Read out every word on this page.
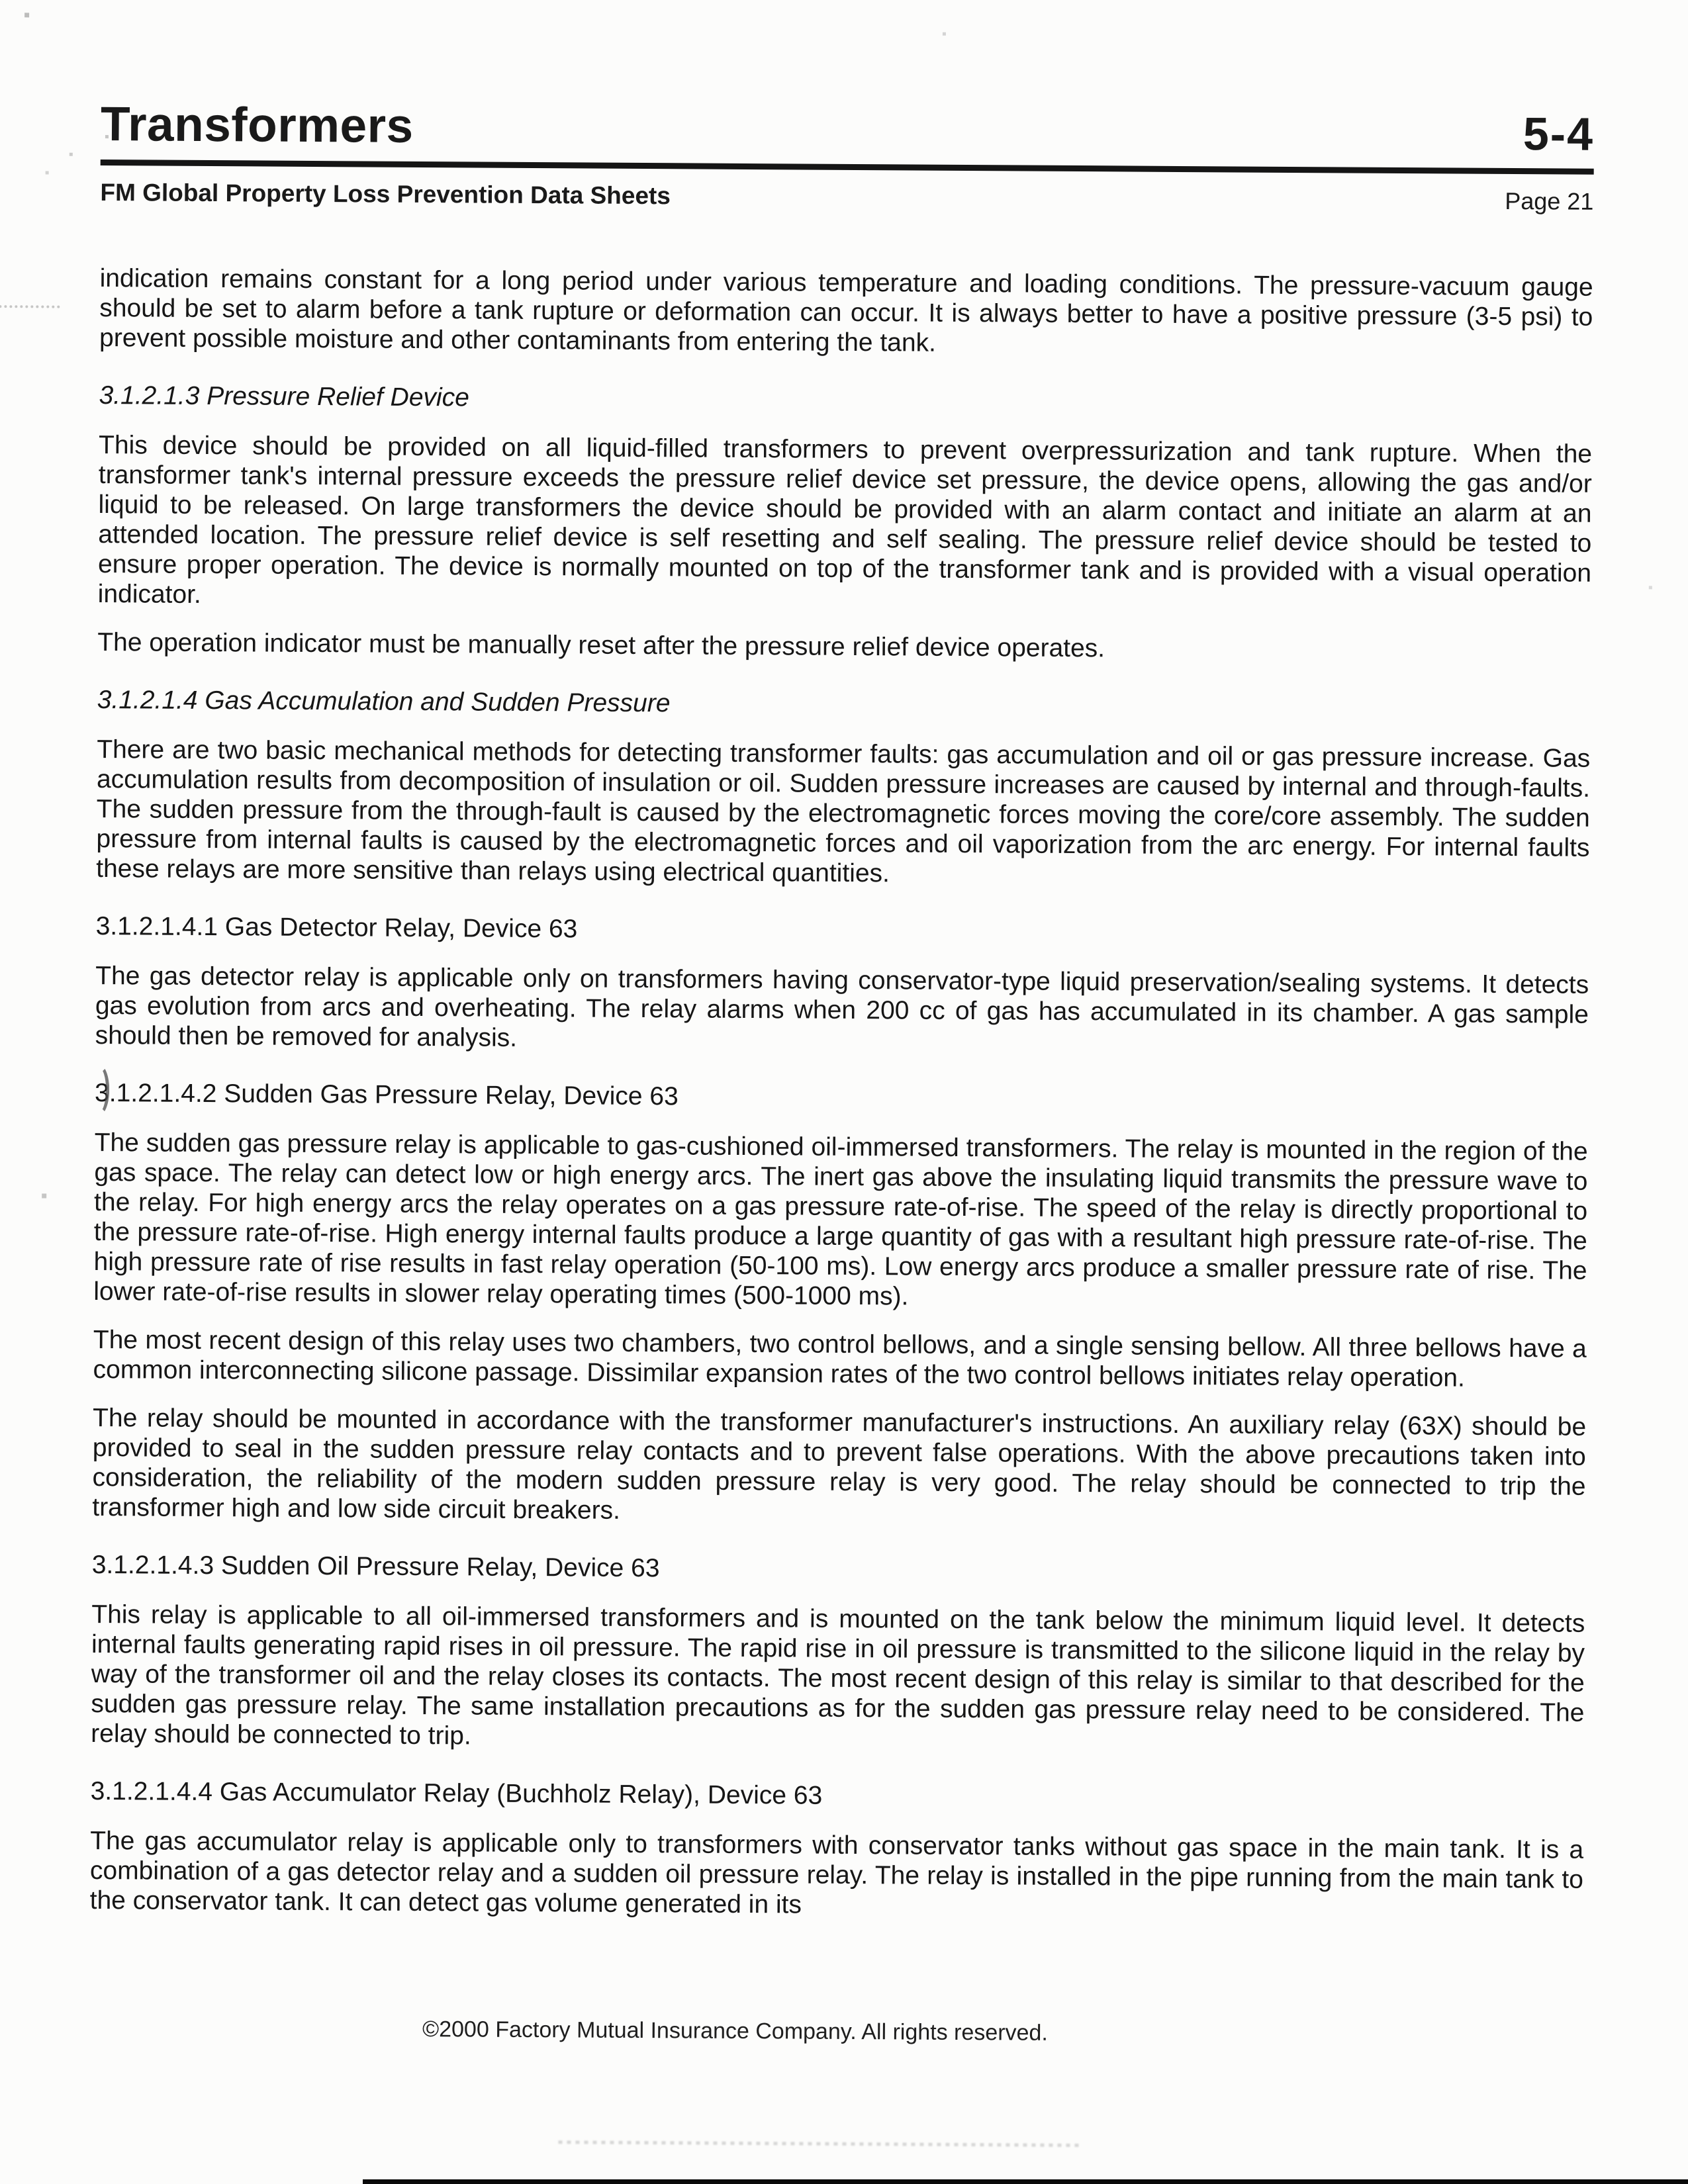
Transformers	5-4
FM Global Property Loss Prevention Data Sheets	Page 21

indication remains constant for a long period under various temperature and loading conditions. The pressure-vacuum gauge should be set to alarm before a tank rupture or deformation can occur. It is always better to have a positive pressure (3-5 psi) to prevent possible moisture and other contaminants from entering the tank.

3.1.2.1.3 Pressure Relief Device

This device should be provided on all liquid-filled transformers to prevent overpressurization and tank rupture. When the transformer tank's internal pressure exceeds the pressure relief device set pressure, the device opens, allowing the gas and/or liquid to be released. On large transformers the device should be provided with an alarm contact and initiate an alarm at an attended location. The pressure relief device is self resetting and self sealing. The pressure relief device should be tested to ensure proper operation. The device is normally mounted on top of the transformer tank and is provided with a visual operation indicator.

The operation indicator must be manually reset after the pressure relief device operates.

3.1.2.1.4 Gas Accumulation and Sudden Pressure

There are two basic mechanical methods for detecting transformer faults: gas accumulation and oil or gas pressure increase. Gas accumulation results from decomposition of insulation or oil. Sudden pressure increases are caused by internal and through-faults. The sudden pressure from the through-fault is caused by the electromagnetic forces moving the core/core assembly. The sudden pressure from internal faults is caused by the electromagnetic forces and oil vaporization from the arc energy. For internal faults these relays are more sensitive than relays using electrical quantities.

3.1.2.1.4.1 Gas Detector Relay, Device 63

The gas detector relay is applicable only on transformers having conservator-type liquid preservation/sealing systems. It detects gas evolution from arcs and overheating. The relay alarms when 200 cc of gas has accumulated in its chamber. A gas sample should then be removed for analysis.

3.1.2.1.4.2 Sudden Gas Pressure Relay, Device 63

The sudden gas pressure relay is applicable to gas-cushioned oil-immersed transformers. The relay is mounted in the region of the gas space. The relay can detect low or high energy arcs. The inert gas above the insulating liquid transmits the pressure wave to the relay. For high energy arcs the relay operates on a gas pressure rate-of-rise. The speed of the relay is directly proportional to the pressure rate-of-rise. High energy internal faults produce a large quantity of gas with a resultant high pressure rate-of-rise. The high pressure rate of rise results in fast relay operation (50-100 ms). Low energy arcs produce a smaller pressure rate of rise. The lower rate-of-rise results in slower relay operating times (500-1000 ms).

The most recent design of this relay uses two chambers, two control bellows, and a single sensing bellow. All three bellows have a common interconnecting silicone passage. Dissimilar expansion rates of the two control bellows initiates relay operation.

The relay should be mounted in accordance with the transformer manufacturer's instructions. An auxiliary relay (63X) should be provided to seal in the sudden pressure relay contacts and to prevent false operations. With the above precautions taken into consideration, the reliability of the modern sudden pressure relay is very good. The relay should be connected to trip the transformer high and low side circuit breakers.

3.1.2.1.4.3 Sudden Oil Pressure Relay, Device 63

This relay is applicable to all oil-immersed transformers and is mounted on the tank below the minimum liquid level. It detects internal faults generating rapid rises in oil pressure. The rapid rise in oil pressure is transmitted to the silicone liquid in the relay by way of the transformer oil and the relay closes its contacts. The most recent design of this relay is similar to that described for the sudden gas pressure relay. The same installation precautions as for the sudden gas pressure relay need to be considered. The relay should be connected to trip.

3.1.2.1.4.4 Gas Accumulator Relay (Buchholz Relay), Device 63

The gas accumulator relay is applicable only to transformers with conservator tanks without gas space in the main tank. It is a combination of a gas detector relay and a sudden oil pressure relay. The relay is installed in the pipe running from the main tank to the conservator tank. It can detect gas volume generated in its

©2000 Factory Mutual Insurance Company. All rights reserved.
